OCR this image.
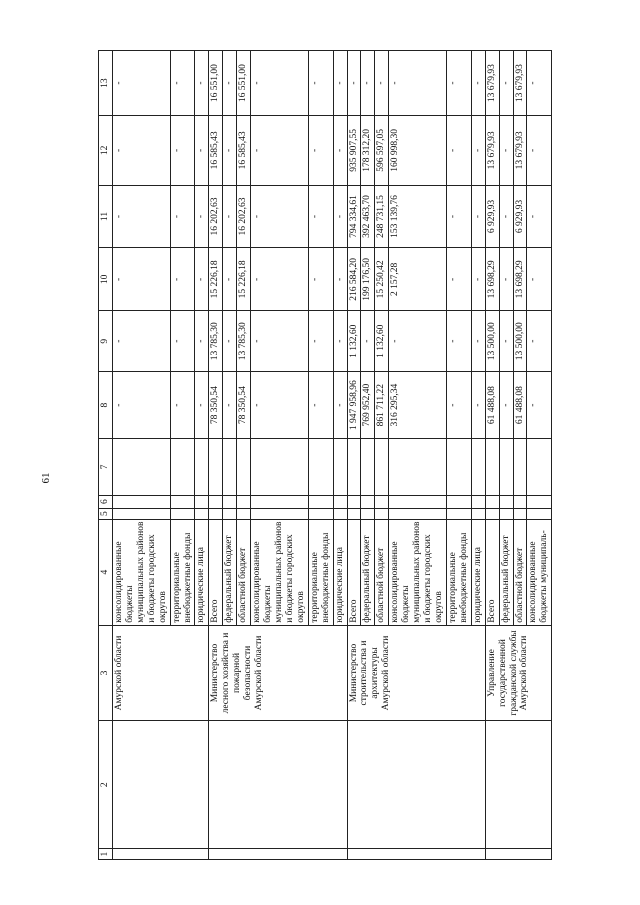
61
1	2	3	4	5	6	7	8	9	10	11	12	13
		Амурской области	консолидированные бюджеты муниципальных районов и бюджеты городских округов				-	-	-	-	-	-
			территориальные внебюджетные фонды				-	-	-	-	-	-
			юридические лица				-	-	-	-	-	-
		Министерство лесного хозяйства и пожарной безопасности Амурской области	Всего				78 350,54	13 785,30	15 226,18	16 202,63	16 585,43	16 551,00
			федеральный бюджет				-	-	-	-	-	-
			областной бюджет				78 350,54	13 785,30	15 226,18	16 202,63	16 585,43	16 551,00
			консолидированные бюджеты муниципальных районов и бюджеты городских округов				-	-	-	-	-	-
			территориальные внебюджетные фонды				-	-	-	-	-	-
			юридические лица				-	-	-	-	-	-
		Министерство строительства и архитектуры Амурской области	Всего				1 947 958,96	1 132,60	216 584,20	794 334,61	935 907,55	-
			федеральный бюджет				769 952,40	-	199 176,50	392 463,70	178 312,20	-
			областной бюджет				861 711,22	1 132,60	15 250,42	248 731,15	596 597,05	-
			консолидированные бюджеты муниципальных районов и бюджеты городских округов				316 295,34	-	2 157,28	153 139,76	160 998,30	-
			территориальные внебюджетные фонды				-	-	-	-	-	-
			юридические лица				-	-	-	-	-	-
		Управление государственной гражданской службы Амурской области	Всего				61 488,08	13 500,00	13 698,29	6 929,93	13 679,93	13 679,93
			федеральный бюджет				-	-	-	-	-	-
			областной бюджет				61 488,08	13 500,00	13 698,29	6 929,93	13 679,93	13 679,93
			консолидированные бюджеты муниципаль-				-	-	-	-	-	-
